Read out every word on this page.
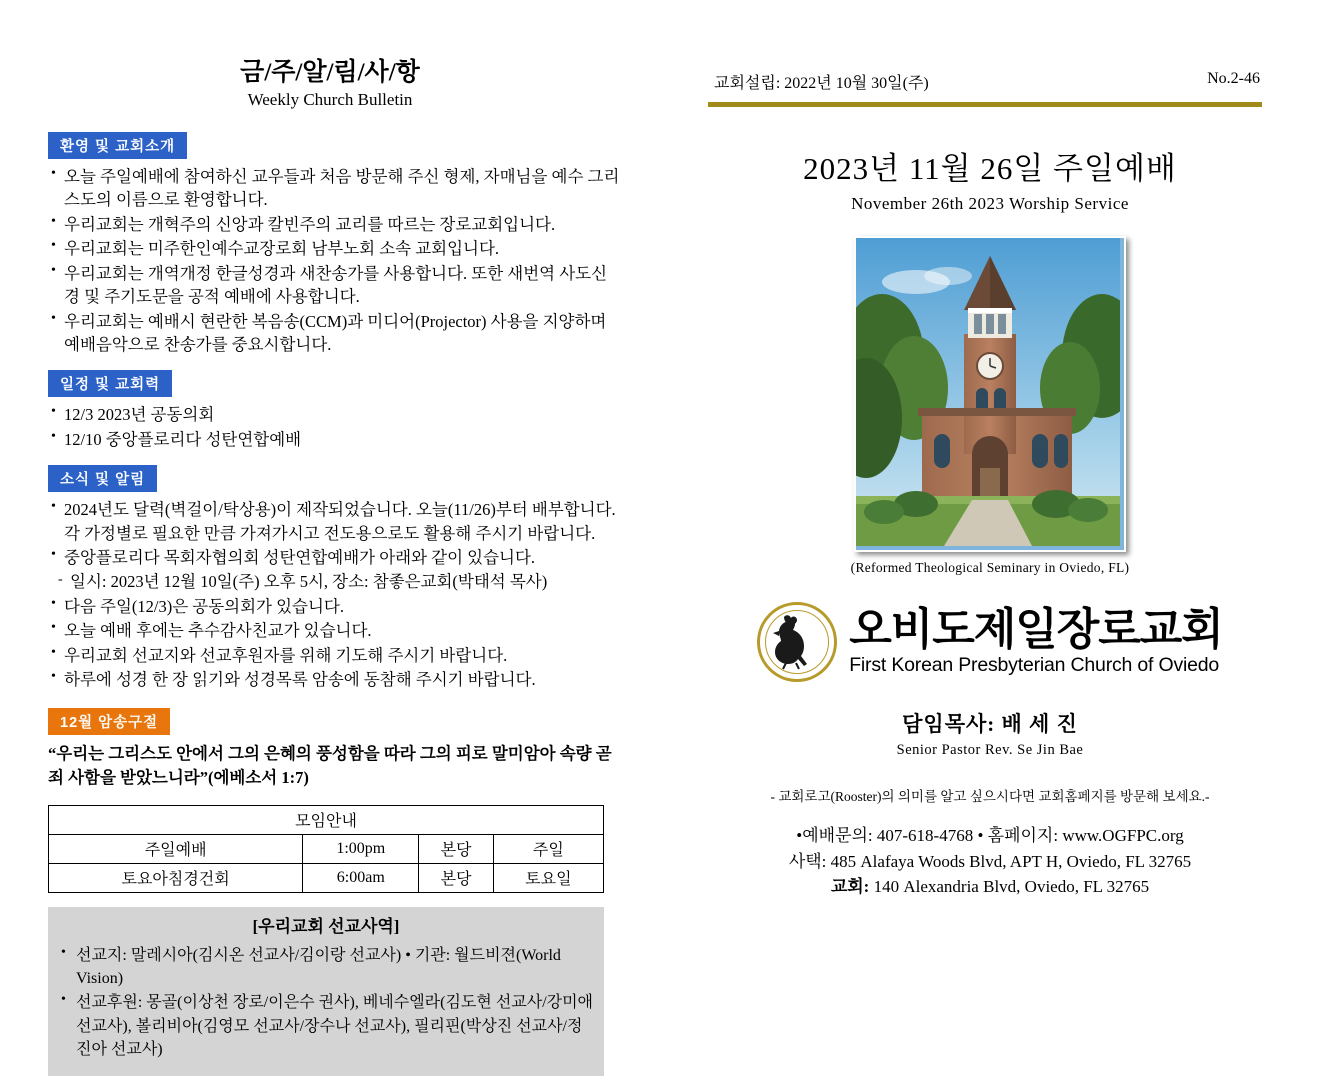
금/주/알/림/사/항
Weekly Church Bulletin
환영 및 교회소개
• 오늘 주일예배에 참여하신 교우들과 처음 방문해 주신 형제, 자매님을 예수 그리스도의 이름으로 환영합니다.
• 우리교회는 개혁주의 신앙과 칼빈주의 교리를 따르는 장로교회입니다.
• 우리교회는 미주한인예수교장로회 남부노회 소속 교회입니다.
• 우리교회는 개역개정 한글성경과 새찬송가를 사용합니다. 또한 새번역 사도신경 및 주기도문을 공적 예배에 사용합니다.
• 우리교회는 예배시 현란한 복음송(CCM)과 미디어(Projector) 사용을 지양하며 예배음악으로 찬송가를 중요시합니다.
일정 및 교회력
• 12/3 2023년 공동의회
• 12/10 중앙플로리다 성탄연합예배
소식 및 알림
• 2024년도 달력(벽걸이/탁상용)이 제작되었습니다. 오늘(11/26)부터 배부합니다. 각 가정별로 필요한 만큼 가져가시고 전도용으로도 활용해 주시기 바랍니다.
• 중앙플로리다 목회자협의회 성탄연합예배가 아래와 같이 있습니다.
- 일시: 2023년 12월 10일(주) 오후 5시, 장소: 참좋은교회(박태석 목사)
• 다음 주일(12/3)은 공동의회가 있습니다.
• 오늘 예배 후에는 추수감사친교가 있습니다.
• 우리교회 선교지와 선교후원자를 위해 기도해 주시기 바랍니다.
• 하루에 성경 한 장 읽기와 성경목록 암송에 동참해 주시기 바랍니다.
12월 암송구절
“우리는 그리스도 안에서 그의 은혜의 풍성함을 따라 그의 피로 말미암아 속량 곧 죄 사함을 받았느니라”(에베소서 1:7)
모임안내			
주일예배	1:00pm	본당	주일
토요아침경건회	6:00am	본당	토요일
[우리교회 선교사역]
• 선교지: 말레시아(김시온 선교사/김이랑 선교사) • 기관: 월드비젼(World Vision)
• 선교후원: 몽골(이상천 장로/이은수 권사), 베네수엘라(김도현 선교사/강미애 선교사), 볼리비아(김영모 선교사/장수나 선교사), 필리핀(박상진 선교사/정진아 선교사)
교회설립: 2022년 10월 30일(주)	No.2-46
2023년 11월 26일 주일예배
November 26th 2023 Worship Service
(Reformed Theological Seminary in Oviedo, FL)
오비도제일장로교회
First Korean Presbyterian Church of Oviedo
담임목사: 배 세 진
Senior Pastor Rev. Se Jin Bae
- 교회로고(Rooster)의 의미를 알고 싶으시다면 교회홈페지를 방문해 보세요.-
•예배문의: 407-618-4768 • 홈페이지: www.OGFPC.org
사택: 485 Alafaya Woods Blvd, APT H, Oviedo, FL 32765
교회: 140 Alexandria Blvd, Oviedo, FL 32765
